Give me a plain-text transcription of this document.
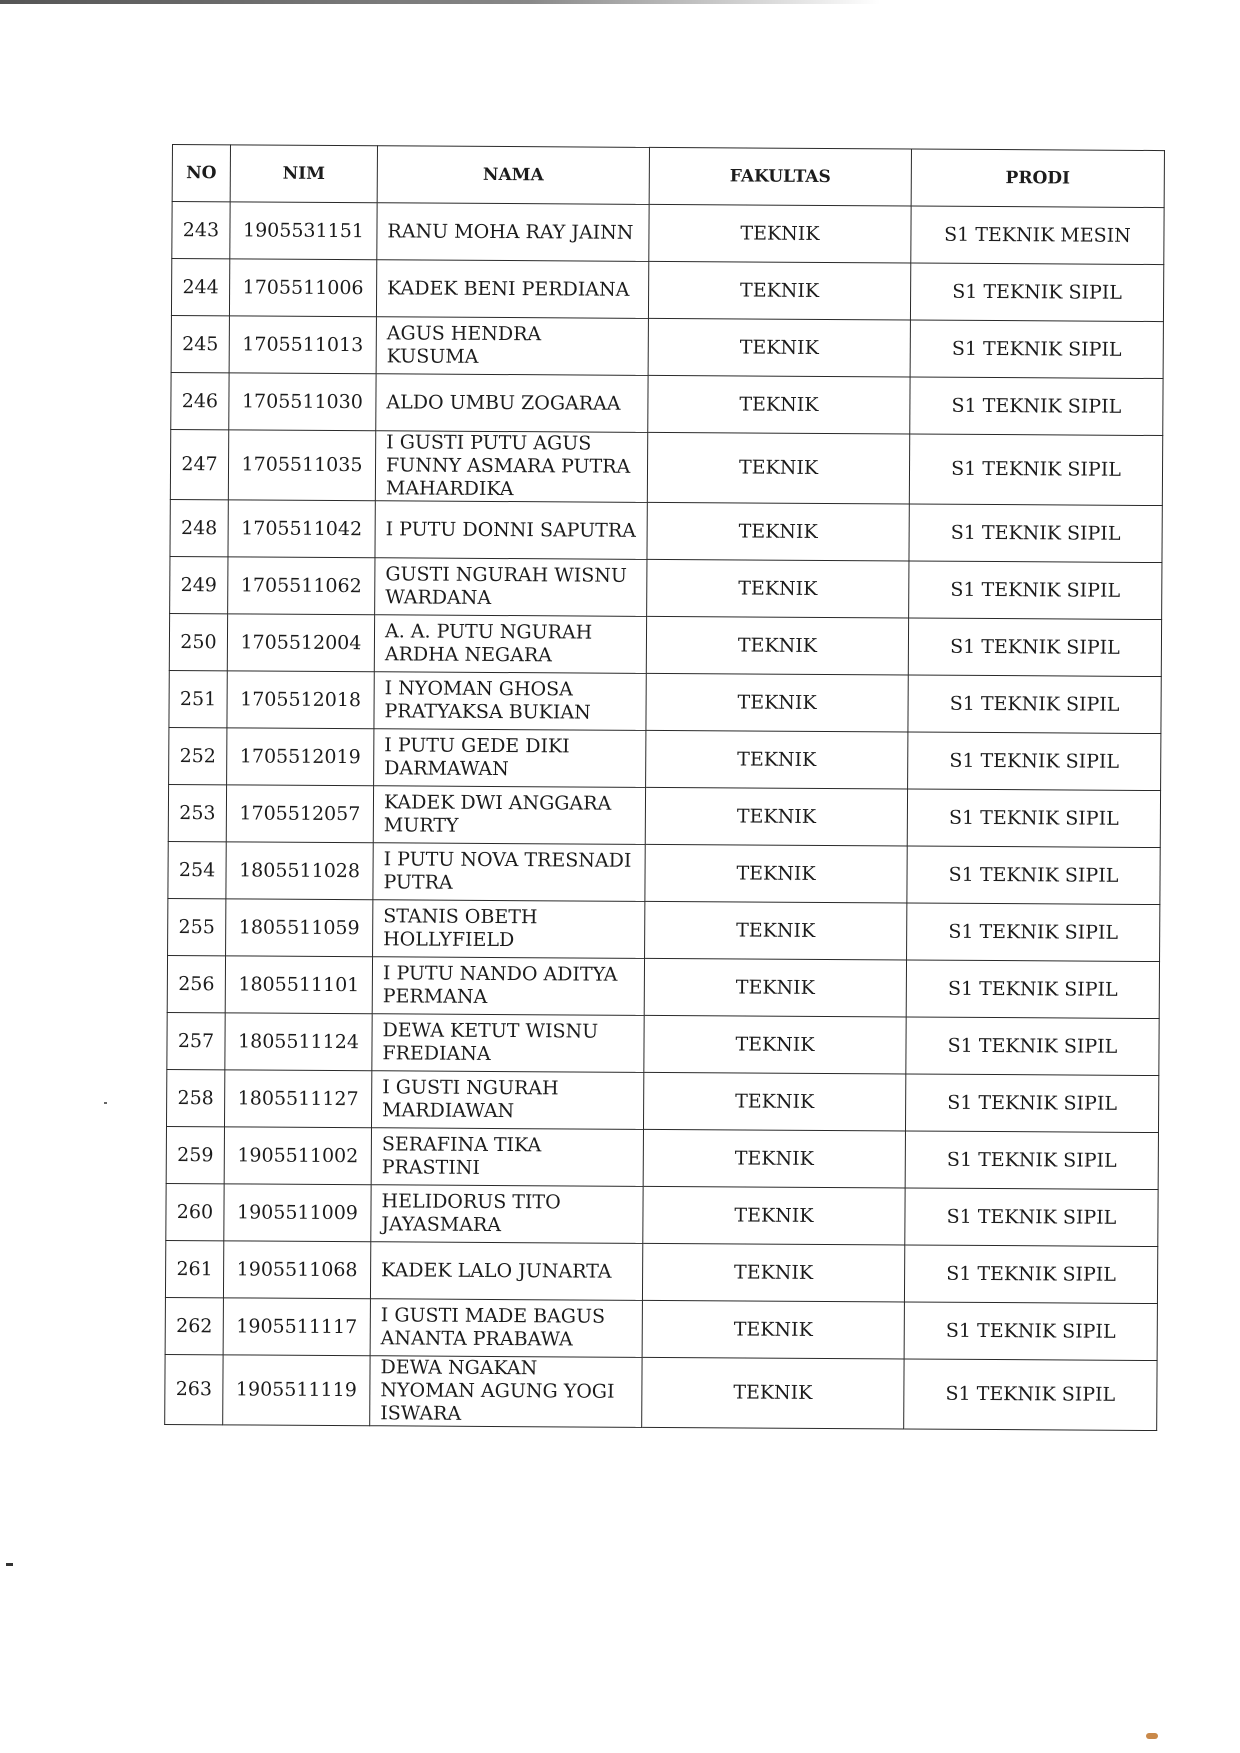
NO	NIM	NAMA	FAKULTAS	PRODI
243	1905531151	RANU MOHA RAY JAINN	TEKNIK	S1 TEKNIK MESIN
244	1705511006	KADEK BENI PERDIANA	TEKNIK	S1 TEKNIK SIPIL
245	1705511013	AGUS HENDRA KUSUMA	TEKNIK	S1 TEKNIK SIPIL
246	1705511030	ALDO UMBU ZOGARAA	TEKNIK	S1 TEKNIK SIPIL
247	1705511035	I GUSTI PUTU AGUS FUNNY ASMARA PUTRA MAHARDIKA	TEKNIK	S1 TEKNIK SIPIL
248	1705511042	I PUTU DONNI SAPUTRA	TEKNIK	S1 TEKNIK SIPIL
249	1705511062	GUSTI NGURAH WISNU WARDANA	TEKNIK	S1 TEKNIK SIPIL
250	1705512004	A. A. PUTU NGURAH ARDHA NEGARA	TEKNIK	S1 TEKNIK SIPIL
251	1705512018	I NYOMAN GHOSA PRATYAKSA BUKIAN	TEKNIK	S1 TEKNIK SIPIL
252	1705512019	I PUTU GEDE DIKI DARMAWAN	TEKNIK	S1 TEKNIK SIPIL
253	1705512057	KADEK DWI ANGGARA MURTY	TEKNIK	S1 TEKNIK SIPIL
254	1805511028	I PUTU NOVA TRESNADI PUTRA	TEKNIK	S1 TEKNIK SIPIL
255	1805511059	STANIS OBETH HOLLYFIELD	TEKNIK	S1 TEKNIK SIPIL
256	1805511101	I PUTU NANDO ADITYA PERMANA	TEKNIK	S1 TEKNIK SIPIL
257	1805511124	DEWA KETUT WISNU FREDIANA	TEKNIK	S1 TEKNIK SIPIL
258	1805511127	I GUSTI NGURAH MARDIAWAN	TEKNIK	S1 TEKNIK SIPIL
259	1905511002	SERAFINA TIKA PRASTINI	TEKNIK	S1 TEKNIK SIPIL
260	1905511009	HELIDORUS TITO JAYASMARA	TEKNIK	S1 TEKNIK SIPIL
261	1905511068	KADEK LALO JUNARTA	TEKNIK	S1 TEKNIK SIPIL
262	1905511117	I GUSTI MADE BAGUS ANANTA PRABAWA	TEKNIK	S1 TEKNIK SIPIL
263	1905511119	DEWA NGAKAN NYOMAN AGUNG YOGI ISWARA	TEKNIK	S1 TEKNIK SIPIL
